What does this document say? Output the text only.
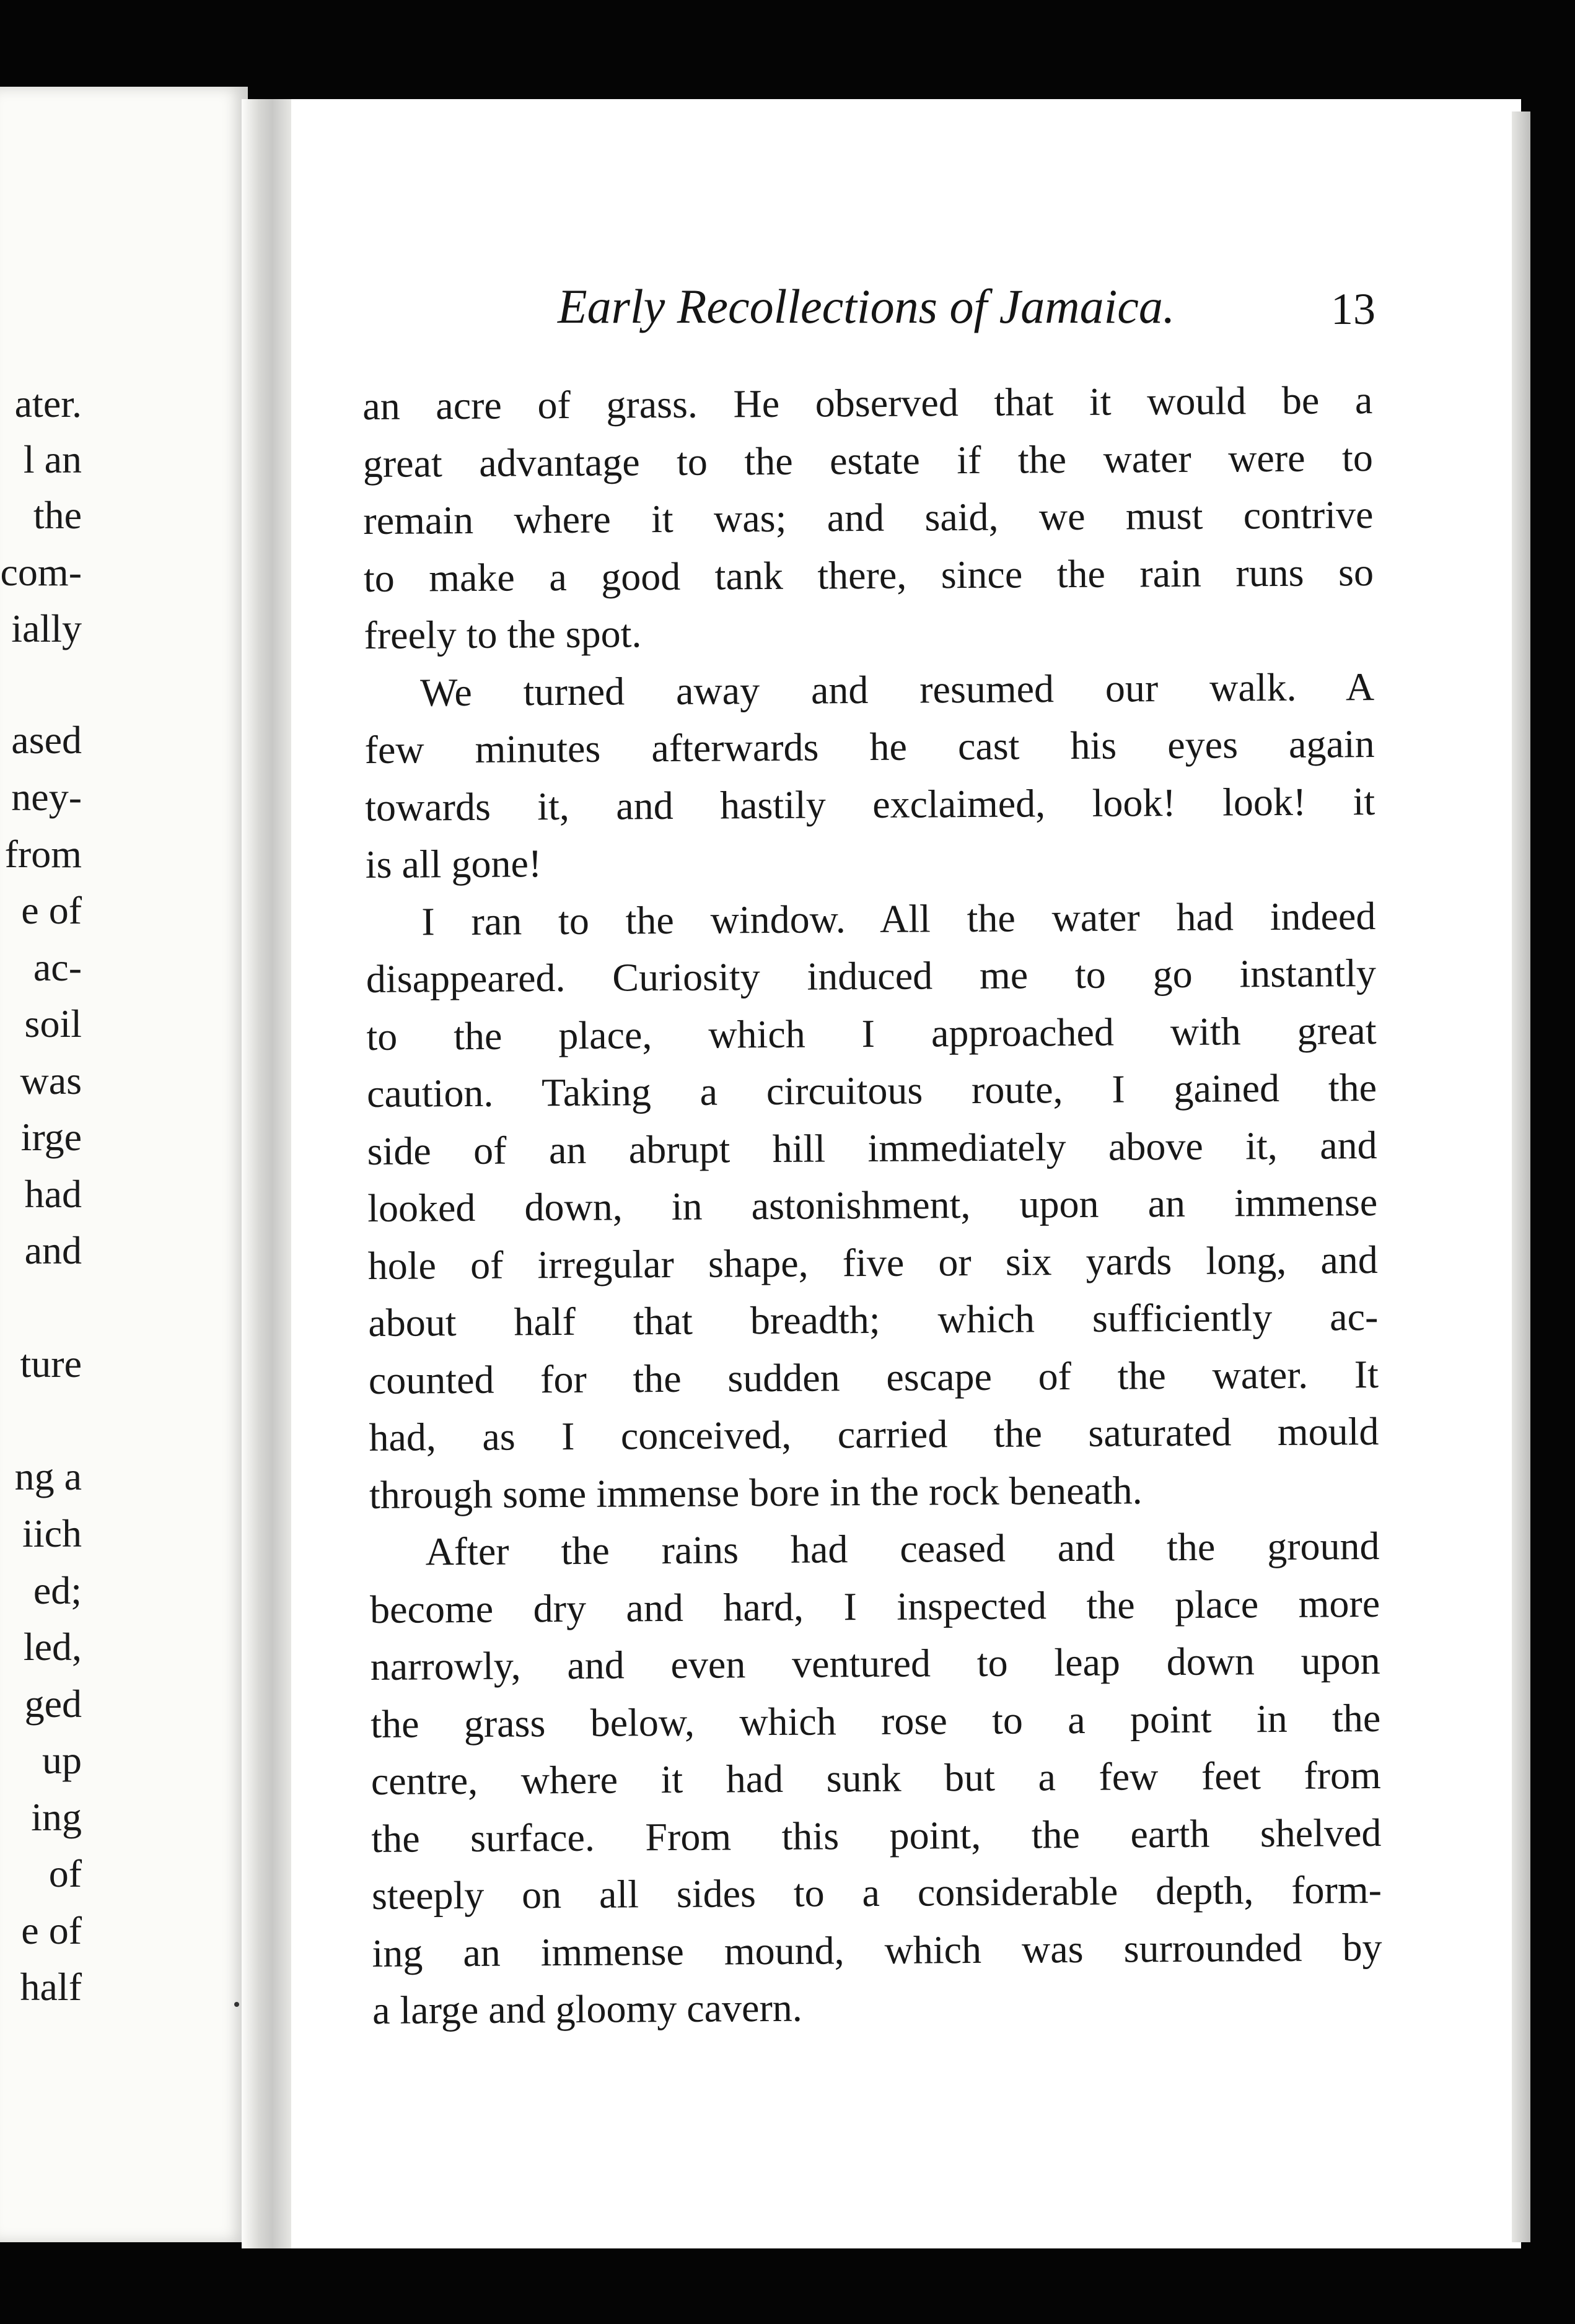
ater.
l an
the
com-
ially
ased
ney-
from
e of
ac-
soil
was
irge
had
and
ture
ng a
iich
ed;
led,
ged
up
ing
of
e of
half
Early Recollections of Jamaica.	13

an acre of grass. He observed that it would be a
great advantage to the estate if the water were to
remain where it was; and said, we must contrive
to make a good tank there, since the rain runs so
freely to the spot.

We turned away and resumed our walk. A
few minutes afterwards he cast his eyes again
towards it, and hastily exclaimed, look! look! it
is all gone!

I ran to the window. All the water had indeed
disappeared. Curiosity induced me to go instantly
to the place, which I approached with great
caution. Taking a circuitous route, I gained the
side of an abrupt hill immediately above it, and
looked down, in astonishment, upon an immense
hole of irregular shape, five or six yards long, and
about half that breadth; which sufficiently ac-
counted for the sudden escape of the water. It
had, as I conceived, carried the saturated mould
through some immense bore in the rock beneath.

After the rains had ceased and the ground
become dry and hard, I inspected the place more
narrowly, and even ventured to leap down upon
the grass below, which rose to a point in the
centre, where it had sunk but a few feet from
the surface. From this point, the earth shelved
steeply on all sides to a considerable depth, form-
ing an immense mound, which was surrounded by
a large and gloomy cavern.
